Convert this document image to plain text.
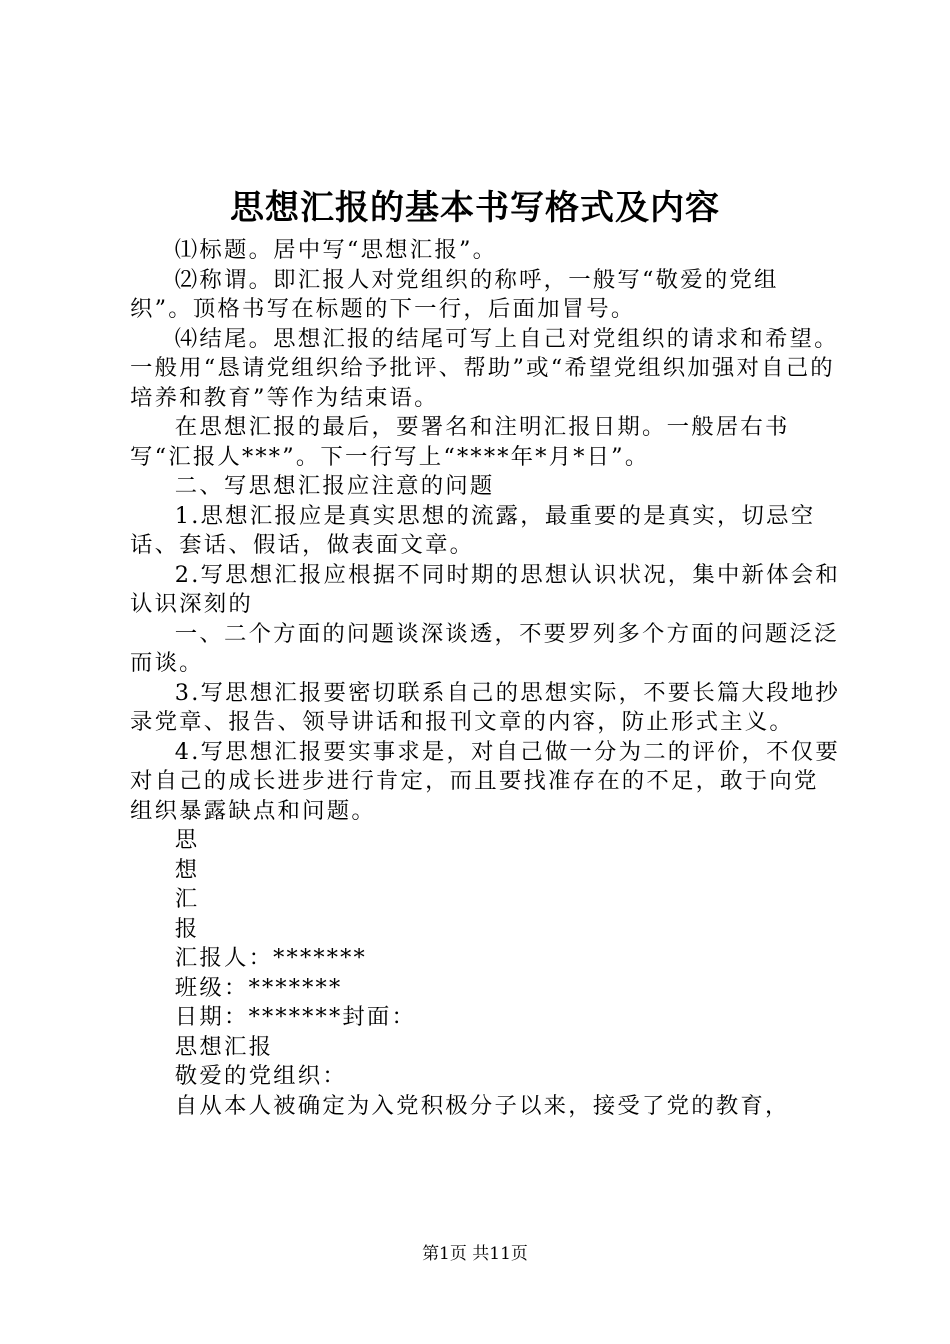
思想汇报的基本书写格式及内容

⑴标题。居中写“思想汇报”。

⑵称谓。即汇报人对党组织的称呼，一般写“敬爱的党组织”。顶格书写在标题的下一行，后面加冒号。

⑷结尾。思想汇报的结尾可写上自己对党组织的请求和希望。一般用“恳请党组织给予批评、帮助”或“希望党组织加强对自己的培养和教育”等作为结束语。

在思想汇报的最后，要署名和注明汇报日期。一般居右书写“汇报人***”。下一行写上“****年*月*日”。

二、写思想汇报应注意的问题

1.思想汇报应是真实思想的流露，最重要的是真实，切忌空话、套话、假话，做表面文章。

2.写思想汇报应根据不同时期的思想认识状况，集中新体会和认识深刻的

一、二个方面的问题谈深谈透，不要罗列多个方面的问题泛泛而谈。

3.写思想汇报要密切联系自己的思想实际，不要长篇大段地抄录党章、报告、领导讲话和报刊文章的内容，防止形式主义。

4.写思想汇报要实事求是，对自己做一分为二的评价，不仅要对自己的成长进步进行肯定，而且要找准存在的不足，敢于向党组织暴露缺点和问题。

思
想
汇
报
汇报人：*******
班级：*******
日期：*******封面：
思想汇报
敬爱的党组织：
自从本人被确定为入党积极分子以来，接受了党的教育，
第1页 共11页
